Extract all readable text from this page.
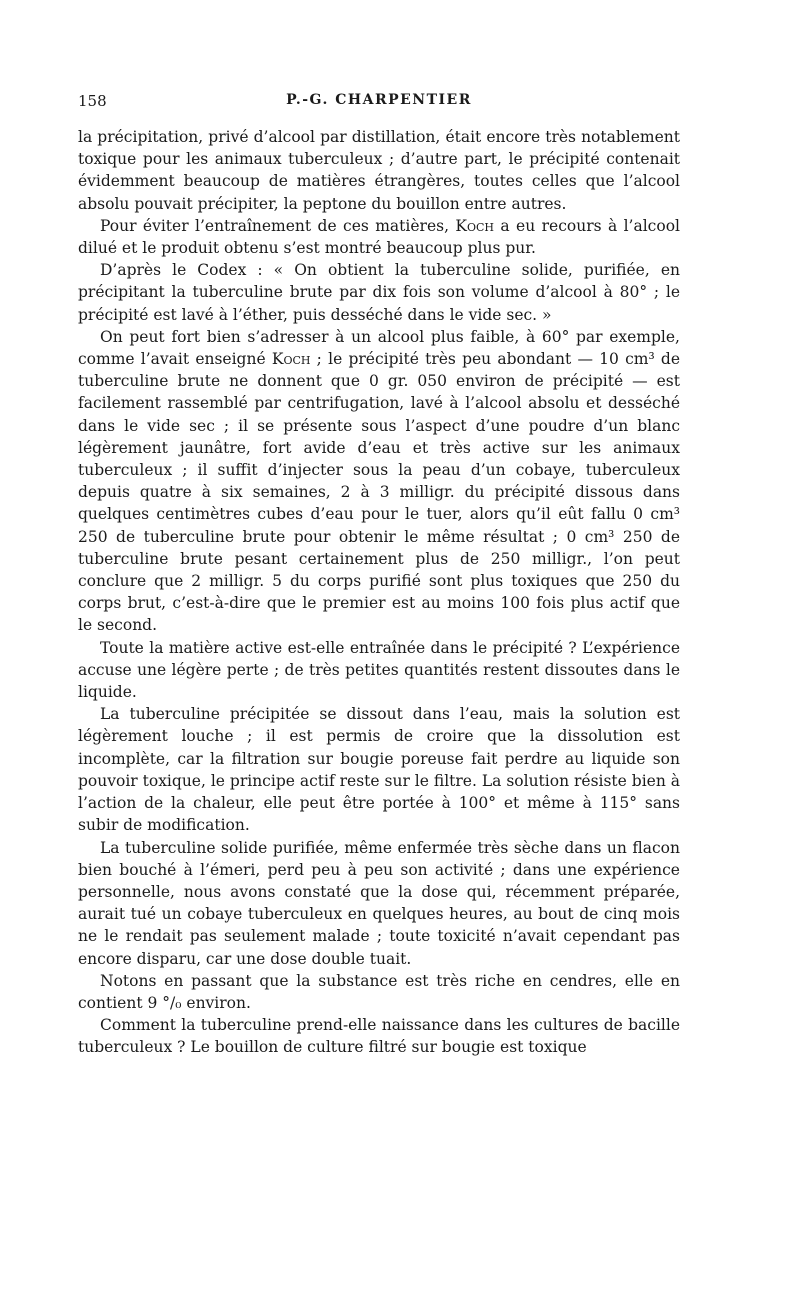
158	P.-G. CHARPENTIER

la précipitation, privé d’alcool par distillation, était encore très notablement toxique pour les animaux tuberculeux ; d’autre part, le précipité contenait évidemment beaucoup de matières étrangères, toutes celles que l’alcool absolu pouvait précipiter, la peptone du bouillon entre autres.

Pour éviter l’entraînement de ces matières, Koch a eu recours à l’alcool dilué et le produit obtenu s’est montré beaucoup plus pur.

D’après le Codex : « On obtient la tuberculine solide, purifiée, en précipitant la tuberculine brute par dix fois son volume d’alcool à 80° ; le précipité est lavé à l’éther, puis desséché dans le vide sec. »

On peut fort bien s’adresser à un alcool plus faible, à 60° par exemple, comme l’avait enseigné Koch ; le précipité très peu abondant — 10 cm³ de tuberculine brute ne donnent que 0 gr. 050 environ de précipité — est facilement rassemblé par centrifugation, lavé à l’alcool absolu et desséché dans le vide sec ; il se présente sous l’aspect d’une poudre d’un blanc légèrement jaunâtre, fort avide d’eau et très active sur les animaux tuberculeux ; il suffit d’injecter sous la peau d’un cobaye, tuberculeux depuis quatre à six semaines, 2 à 3 milligr. du précipité dissous dans quelques centimètres cubes d’eau pour le tuer, alors qu’il eût fallu 0 cm³ 250 de tuberculine brute pour obtenir le même résultat ; 0 cm³ 250 de tuberculine brute pesant certainement plus de 250 milligr., l’on peut conclure que 2 milligr. 5 du corps purifié sont plus toxiques que 250 du corps brut, c’est-à-dire que le premier est au moins 100 fois plus actif que le second.

Toute la matière active est-elle entraînée dans le précipité ? L’expérience accuse une légère perte ; de très petites quantités restent dissoutes dans le liquide.

La tuberculine précipitée se dissout dans l’eau, mais la solution est légèrement louche ; il est permis de croire que la dissolution est incomplète, car la filtration sur bougie poreuse fait perdre au liquide son pouvoir toxique, le principe actif reste sur le filtre. La solution résiste bien à l’action de la chaleur, elle peut être portée à 100° et même à 115° sans subir de modification.

La tuberculine solide purifiée, même enfermée très sèche dans un flacon bien bouché à l’émeri, perd peu à peu son activité ; dans une expérience personnelle, nous avons constaté que la dose qui, récemment préparée, aurait tué un cobaye tuberculeux en quelques heures, au bout de cinq mois ne le rendait pas seulement malade ; toute toxicité n’avait cependant pas encore disparu, car une dose double tuait.

Notons en passant que la substance est très riche en cendres, elle en contient 9 °/₀ environ.

Comment la tuberculine prend-elle naissance dans les cultures de bacille tuberculeux ? Le bouillon de culture filtré sur bougie est toxique
